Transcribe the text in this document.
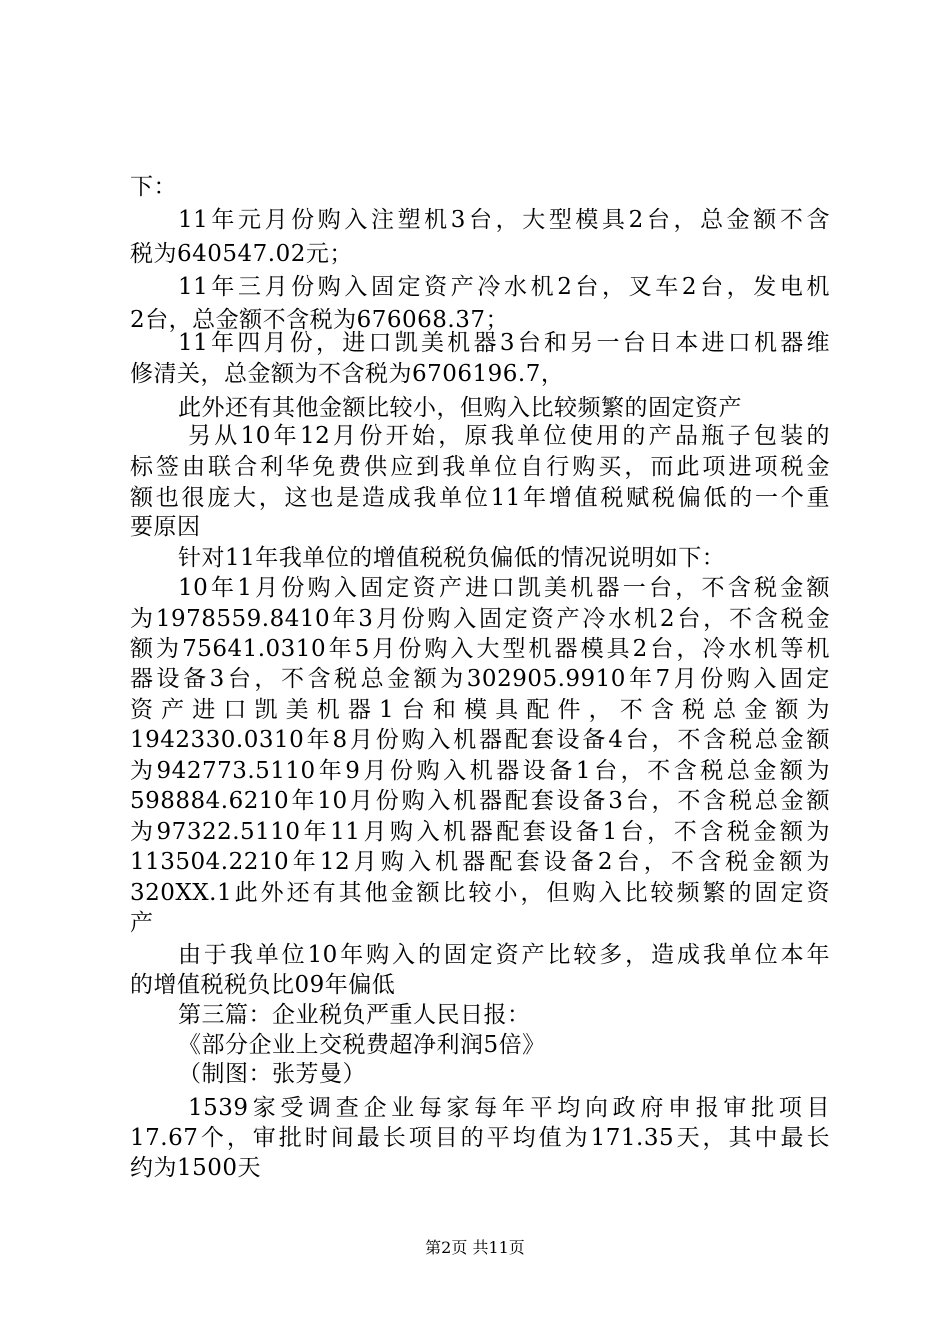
下：
11年元月份购入注塑机3台，大型模具2台，总金额不含
税为640547.02元；
11年三月份购入固定资产冷水机2台，叉车2台，发电机
2台，总金额不含税为676068.37；
11年四月份，进口凯美机器3台和另一台日本进口机器维
修清关，总金额为不含税为6706196.7，
此外还有其他金额比较小，但购入比较频繁的固定资产
另从10年12月份开始，原我单位使用的产品瓶子包装的
标签由联合利华免费供应到我单位自行购买，而此项进项税金
额也很庞大，这也是造成我单位11年增值税赋税偏低的一个重
要原因
针对11年我单位的增值税税负偏低的情况说明如下：
10年1月份购入固定资产进口凯美机器一台，不含税金额
为1978559.8410年3月份购入固定资产冷水机2台，不含税金
额为75641.0310年5月份购入大型机器模具2台，冷水机等机
器设备3台，不含税总金额为302905.9910年7月份购入固定
资产进口凯美机器1台和模具配件，不含税总金额为
1942330.0310年8月份购入机器配套设备4台，不含税总金额
为942773.5110年9月份购入机器设备1台，不含税总金额为
598884.6210年10月份购入机器配套设备3台，不含税总金额
为97322.5110年11月购入机器配套设备1台，不含税金额为
113504.2210年12月购入机器配套设备2台，不含税金额为
320XX.1此外还有其他金额比较小，但购入比较频繁的固定资
产
由于我单位10年购入的固定资产比较多，造成我单位本年
的增值税税负比09年偏低
第三篇：企业税负严重人民日报：
《部分企业上交税费超净利润5倍》
（制图：张芳曼）
1539家受调查企业每家每年平均向政府申报审批项目
17.67个，审批时间最长项目的平均值为171.35天，其中最长
约为1500天
第2页 共11页
